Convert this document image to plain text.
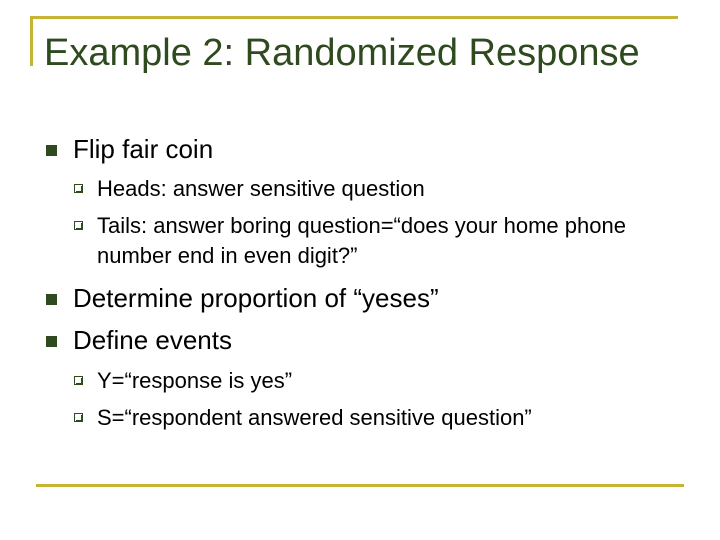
Example 2: Randomized Response
Flip fair coin
Heads: answer sensitive question
Tails: answer boring question=“does your home phone number end in even digit?”
Determine proportion of “yeses”
Define events
Y=“response is yes”
S=“respondent answered sensitive question”
